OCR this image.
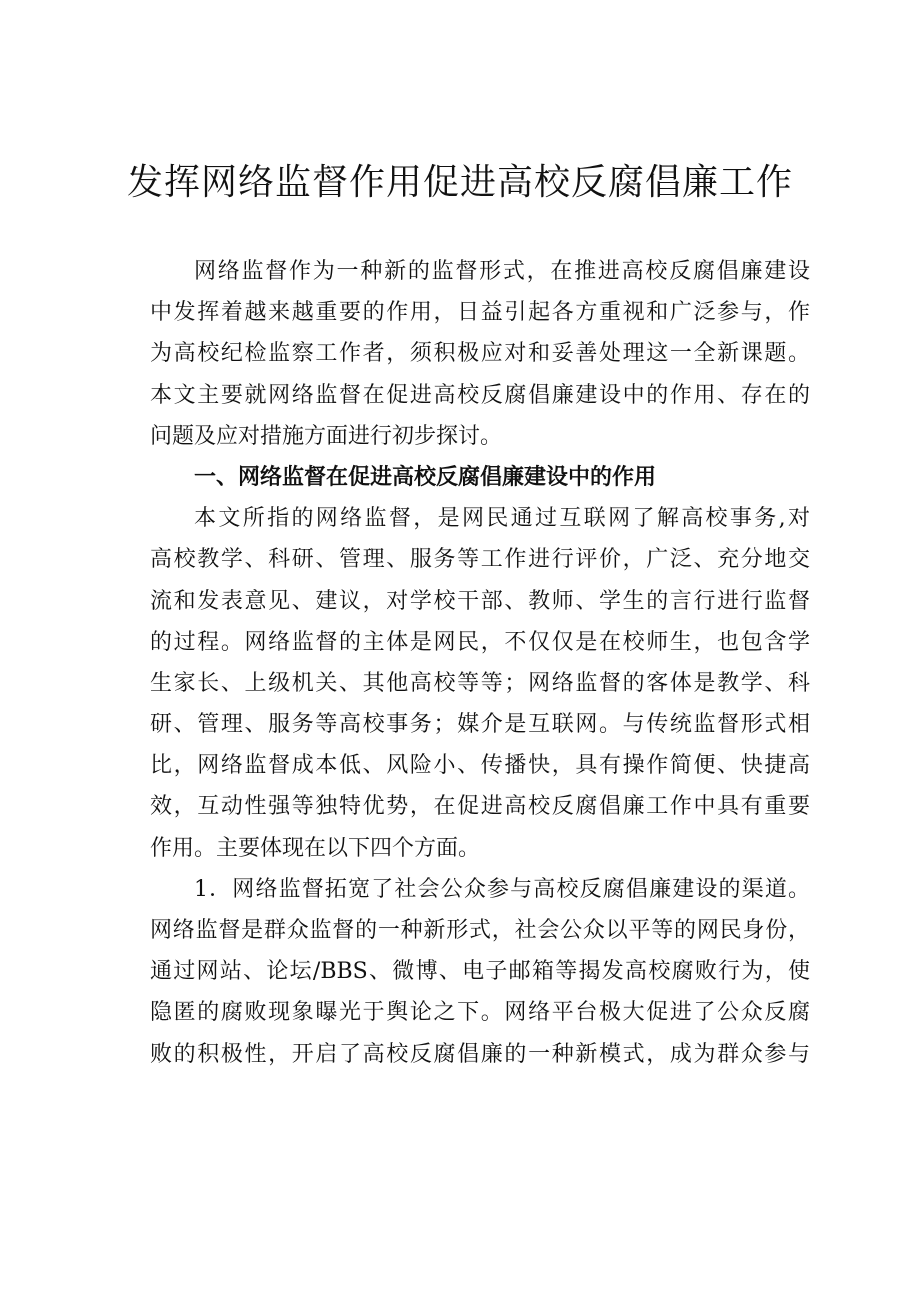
发挥网络监督作用促进高校反腐倡廉工作
网络监督作为一种新的监督形式，在推进高校反腐倡廉建设
中发挥着越来越重要的作用，日益引起各方重视和广泛参与，作
为高校纪检监察工作者，须积极应对和妥善处理这一全新课题。
本文主要就网络监督在促进高校反腐倡廉建设中的作用、存在的
问题及应对措施方面进行初步探讨。
一、网络监督在促进高校反腐倡廉建设中的作用
本文所指的网络监督，是网民通过互联网了解高校事务,对
高校教学、科研、管理、服务等工作进行评价，广泛、充分地交
流和发表意见、建议，对学校干部、教师、学生的言行进行监督
的过程。网络监督的主体是网民，不仅仅是在校师生，也包含学
生家长、上级机关、其他高校等等；网络监督的客体是教学、科
研、管理、服务等高校事务；媒介是互联网。与传统监督形式相
比，网络监督成本低、风险小、传播快，具有操作简便、快捷高
效，互动性强等独特优势，在促进高校反腐倡廉工作中具有重要
作用。主要体现在以下四个方面。
1．网络监督拓宽了社会公众参与高校反腐倡廉建设的渠道。
网络监督是群众监督的一种新形式，社会公众以平等的网民身份，
通过网站、论坛/BBS、微博、电子邮箱等揭发高校腐败行为，使
隐匿的腐败现象曝光于舆论之下。网络平台极大促进了公众反腐
败的积极性，开启了高校反腐倡廉的一种新模式，成为群众参与
